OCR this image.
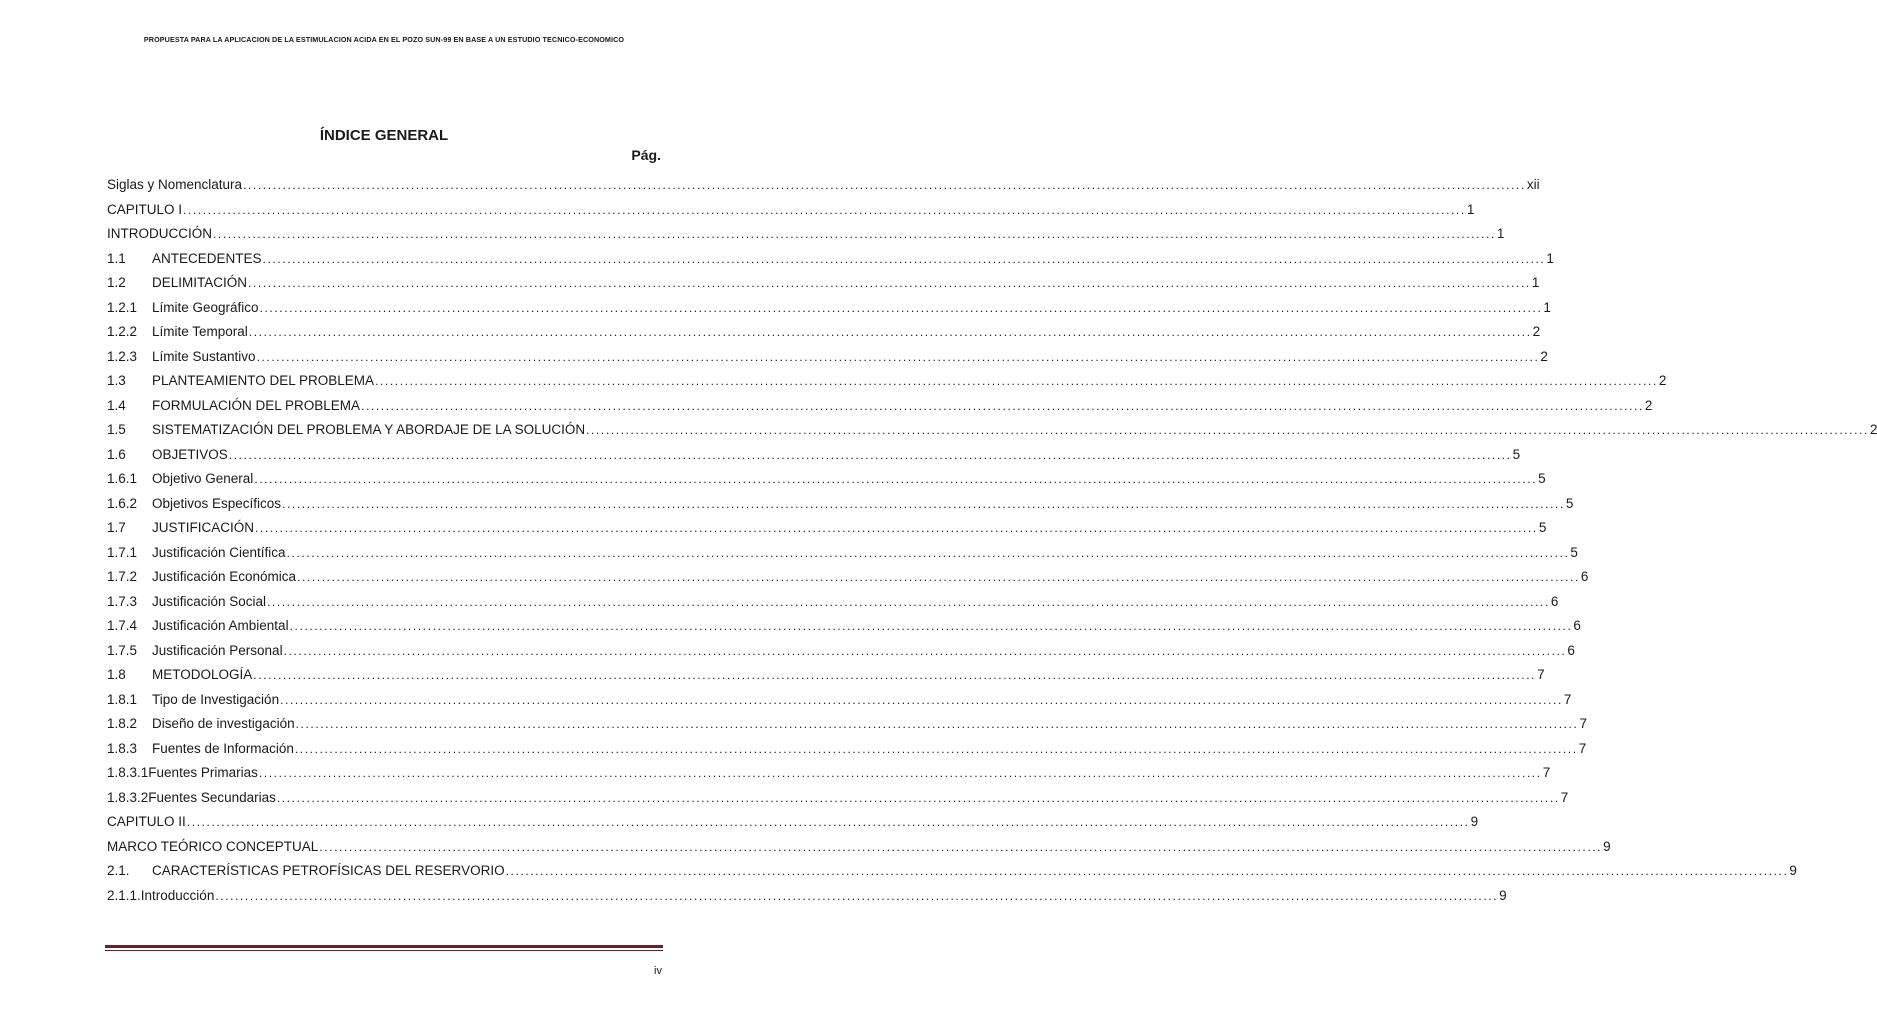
PROPUESTA PARA LA APLICACION DE LA ESTIMULACION ACIDA EN EL POZO SUN-99 EN BASE A UN ESTUDIO TECNICO-ECONOMICO
ÍNDICE GENERAL
Pág.
Siglas y Nomenclatura .................................................................................................................................................................................................................................................................... xii
CAPITULO I .................................................................................................................................................................................................................................................................... 1
INTRODUCCIÓN .................................................................................................................................................................................................................................................................... 1
1.1	ANTECEDENTES .................................................................................................................................................................................................................................................................... 1
1.2	DELIMITACIÓN .................................................................................................................................................................................................................................................................... 1
1.2.1	Límite Geográfico .................................................................................................................................................................................................................................................................... 1
1.2.2	Límite Temporal .................................................................................................................................................................................................................................................................... 2
1.2.3	Límite Sustantivo .................................................................................................................................................................................................................................................................... 2
1.3	PLANTEAMIENTO DEL PROBLEMA .................................................................................................................................................................................................................................................................... 2
1.4	FORMULACIÓN DEL PROBLEMA .................................................................................................................................................................................................................................................................... 2
1.5	SISTEMATIZACIÓN DEL PROBLEMA Y ABORDAJE DE LA SOLUCIÓN .................................................................................................................................................................................................................................................................... 2
1.6	OBJETIVOS .................................................................................................................................................................................................................................................................... 5
1.6.1	Objetivo General .................................................................................................................................................................................................................................................................... 5
1.6.2	Objetivos Específicos .................................................................................................................................................................................................................................................................... 5
1.7	JUSTIFICACIÓN .................................................................................................................................................................................................................................................................... 5
1.7.1	Justificación Científica .................................................................................................................................................................................................................................................................... 5
1.7.2	Justificación Económica .................................................................................................................................................................................................................................................................... 6
1.7.3	Justificación Social .................................................................................................................................................................................................................................................................... 6
1.7.4	Justificación Ambiental .................................................................................................................................................................................................................................................................... 6
1.7.5	Justificación Personal .................................................................................................................................................................................................................................................................... 6
1.8	METODOLOGÍA .................................................................................................................................................................................................................................................................... 7
1.8.1	Tipo de Investigación .................................................................................................................................................................................................................................................................... 7
1.8.2	Diseño de investigación .................................................................................................................................................................................................................................................................... 7
1.8.3	Fuentes de Información .................................................................................................................................................................................................................................................................... 7
1.8.3.1 Fuentes Primarias .................................................................................................................................................................................................................................................................... 7
1.8.3.2 Fuentes Secundarias .................................................................................................................................................................................................................................................................... 7
CAPITULO II .................................................................................................................................................................................................................................................................... 9
MARCO TEÓRICO CONCEPTUAL .................................................................................................................................................................................................................................................................... 9
2.1.	CARACTERÍSTICAS PETROFÍSICAS DEL RESERVORIO .................................................................................................................................................................................................................................................................... 9
2.1.1. Introducción .................................................................................................................................................................................................................................................................... 9
iv
